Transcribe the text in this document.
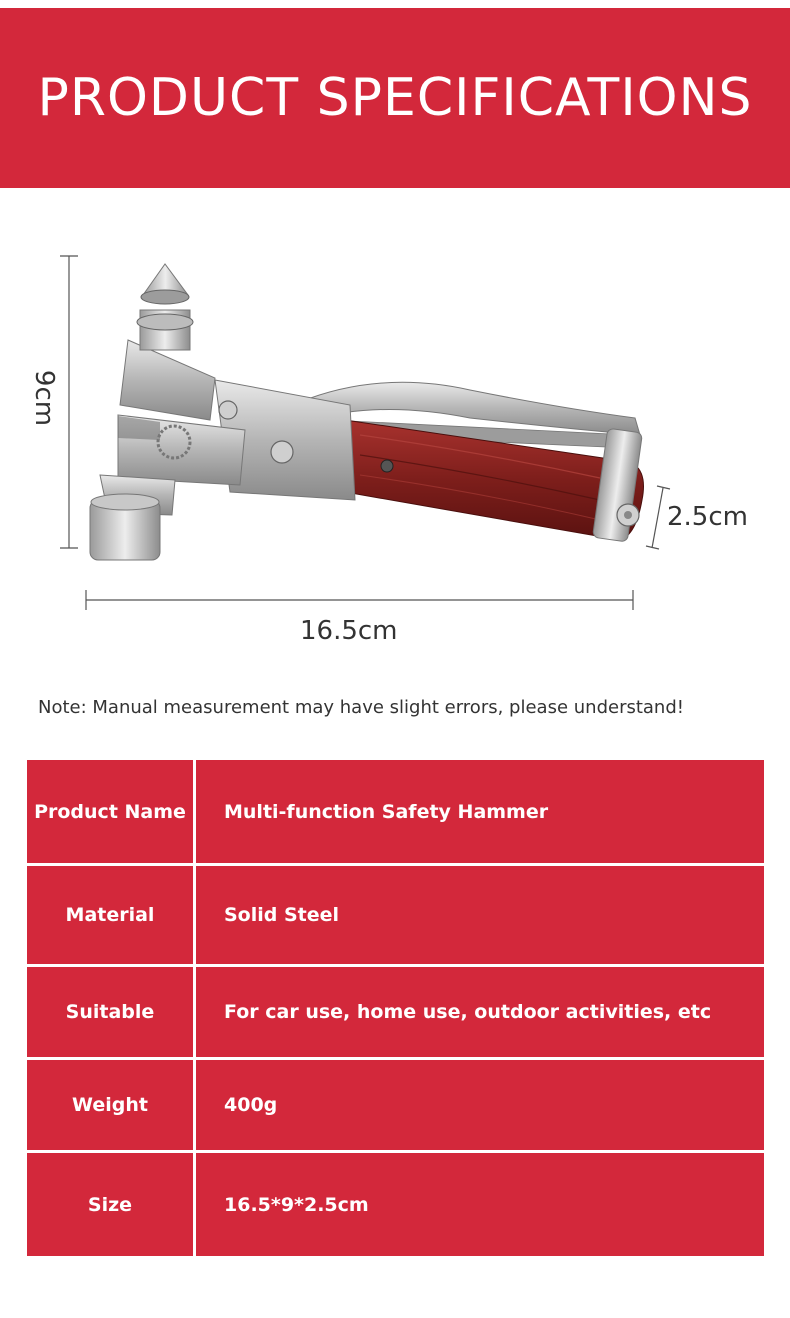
PRODUCT SPECIFICATIONS
9cm
2.5cm
16.5cm

Note: Manual measurement may have slight errors, please understand!

Product Name	Multi-function Safety Hammer
Material	Solid Steel
Suitable	For car use, home use, outdoor activities, etc
Weight	400g
Size	16.5*9*2.5cm
